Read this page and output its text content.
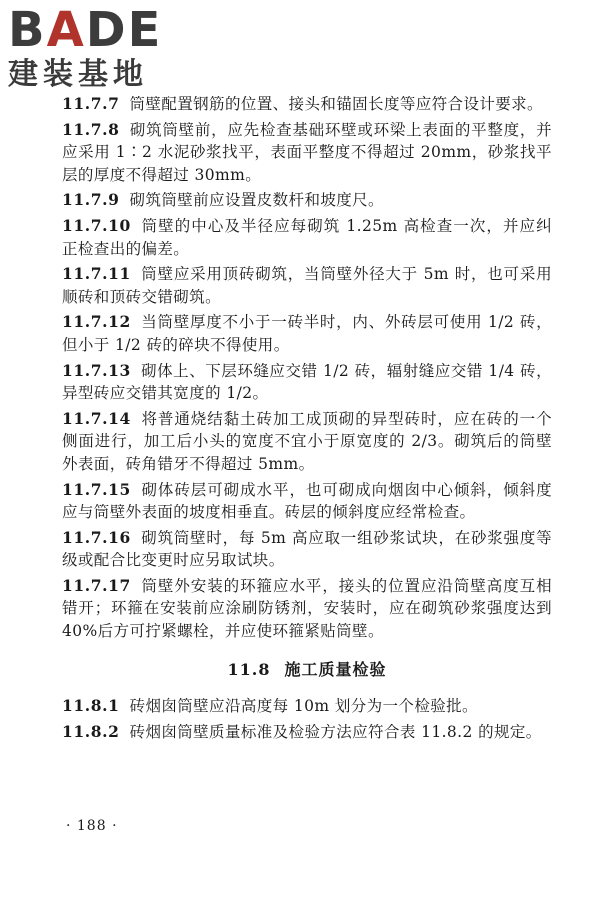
B A DE
建装基地

11.7.7 筒壁配置钢筋的位置、接头和锚固长度等应符合设计要求。

11.7.8 砌筑筒壁前，应先检查基础环壁或环梁上表面的平整度，并应采用 1∶2 水泥砂浆找平，表面平整度不得超过 20mm，砂浆找平层的厚度不得超过 30mm。

11.7.9 砌筑筒壁前应设置皮数杆和坡度尺。

11.7.10 筒壁的中心及半径应每砌筑 1.25m 高检查一次，并应纠正检查出的偏差。

11.7.11 筒壁应采用顶砖砌筑，当筒壁外径大于 5m 时，也可采用顺砖和顶砖交错砌筑。

11.7.12 当筒壁厚度不小于一砖半时，内、外砖层可使用 1/2 砖，但小于 1/2 砖的碎块不得使用。

11.7.13 砌体上、下层环缝应交错 1/2 砖，辐射缝应交错 1/4 砖，异型砖应交错其宽度的 1/2。

11.7.14 将普通烧结黏土砖加工成顶砌的异型砖时，应在砖的一个侧面进行，加工后小头的宽度不宜小于原宽度的 2/3。砌筑后的筒壁外表面，砖角错牙不得超过 5mm。

11.7.15 砌体砖层可砌成水平，也可砌成向烟囱中心倾斜，倾斜度应与筒壁外表面的坡度相垂直。砖层的倾斜度应经常检查。

11.7.16 砌筑筒壁时，每 5m 高应取一组砂浆试块，在砂浆强度等级或配合比变更时应另取试块。

11.7.17 筒壁外安装的环箍应水平，接头的位置应沿筒壁高度互相错开；环箍在安装前应涂刷防锈剂，安装时，应在砌筑砂浆强度达到 40%后方可拧紧螺栓，并应使环箍紧贴筒壁。

11.8 施工质量检验

11.8.1 砖烟囱筒壁应沿高度每 10m 划分为一个检验批。

11.8.2 砖烟囱筒壁质量标准及检验方法应符合表 11.8.2 的规定。

· 188 ·
